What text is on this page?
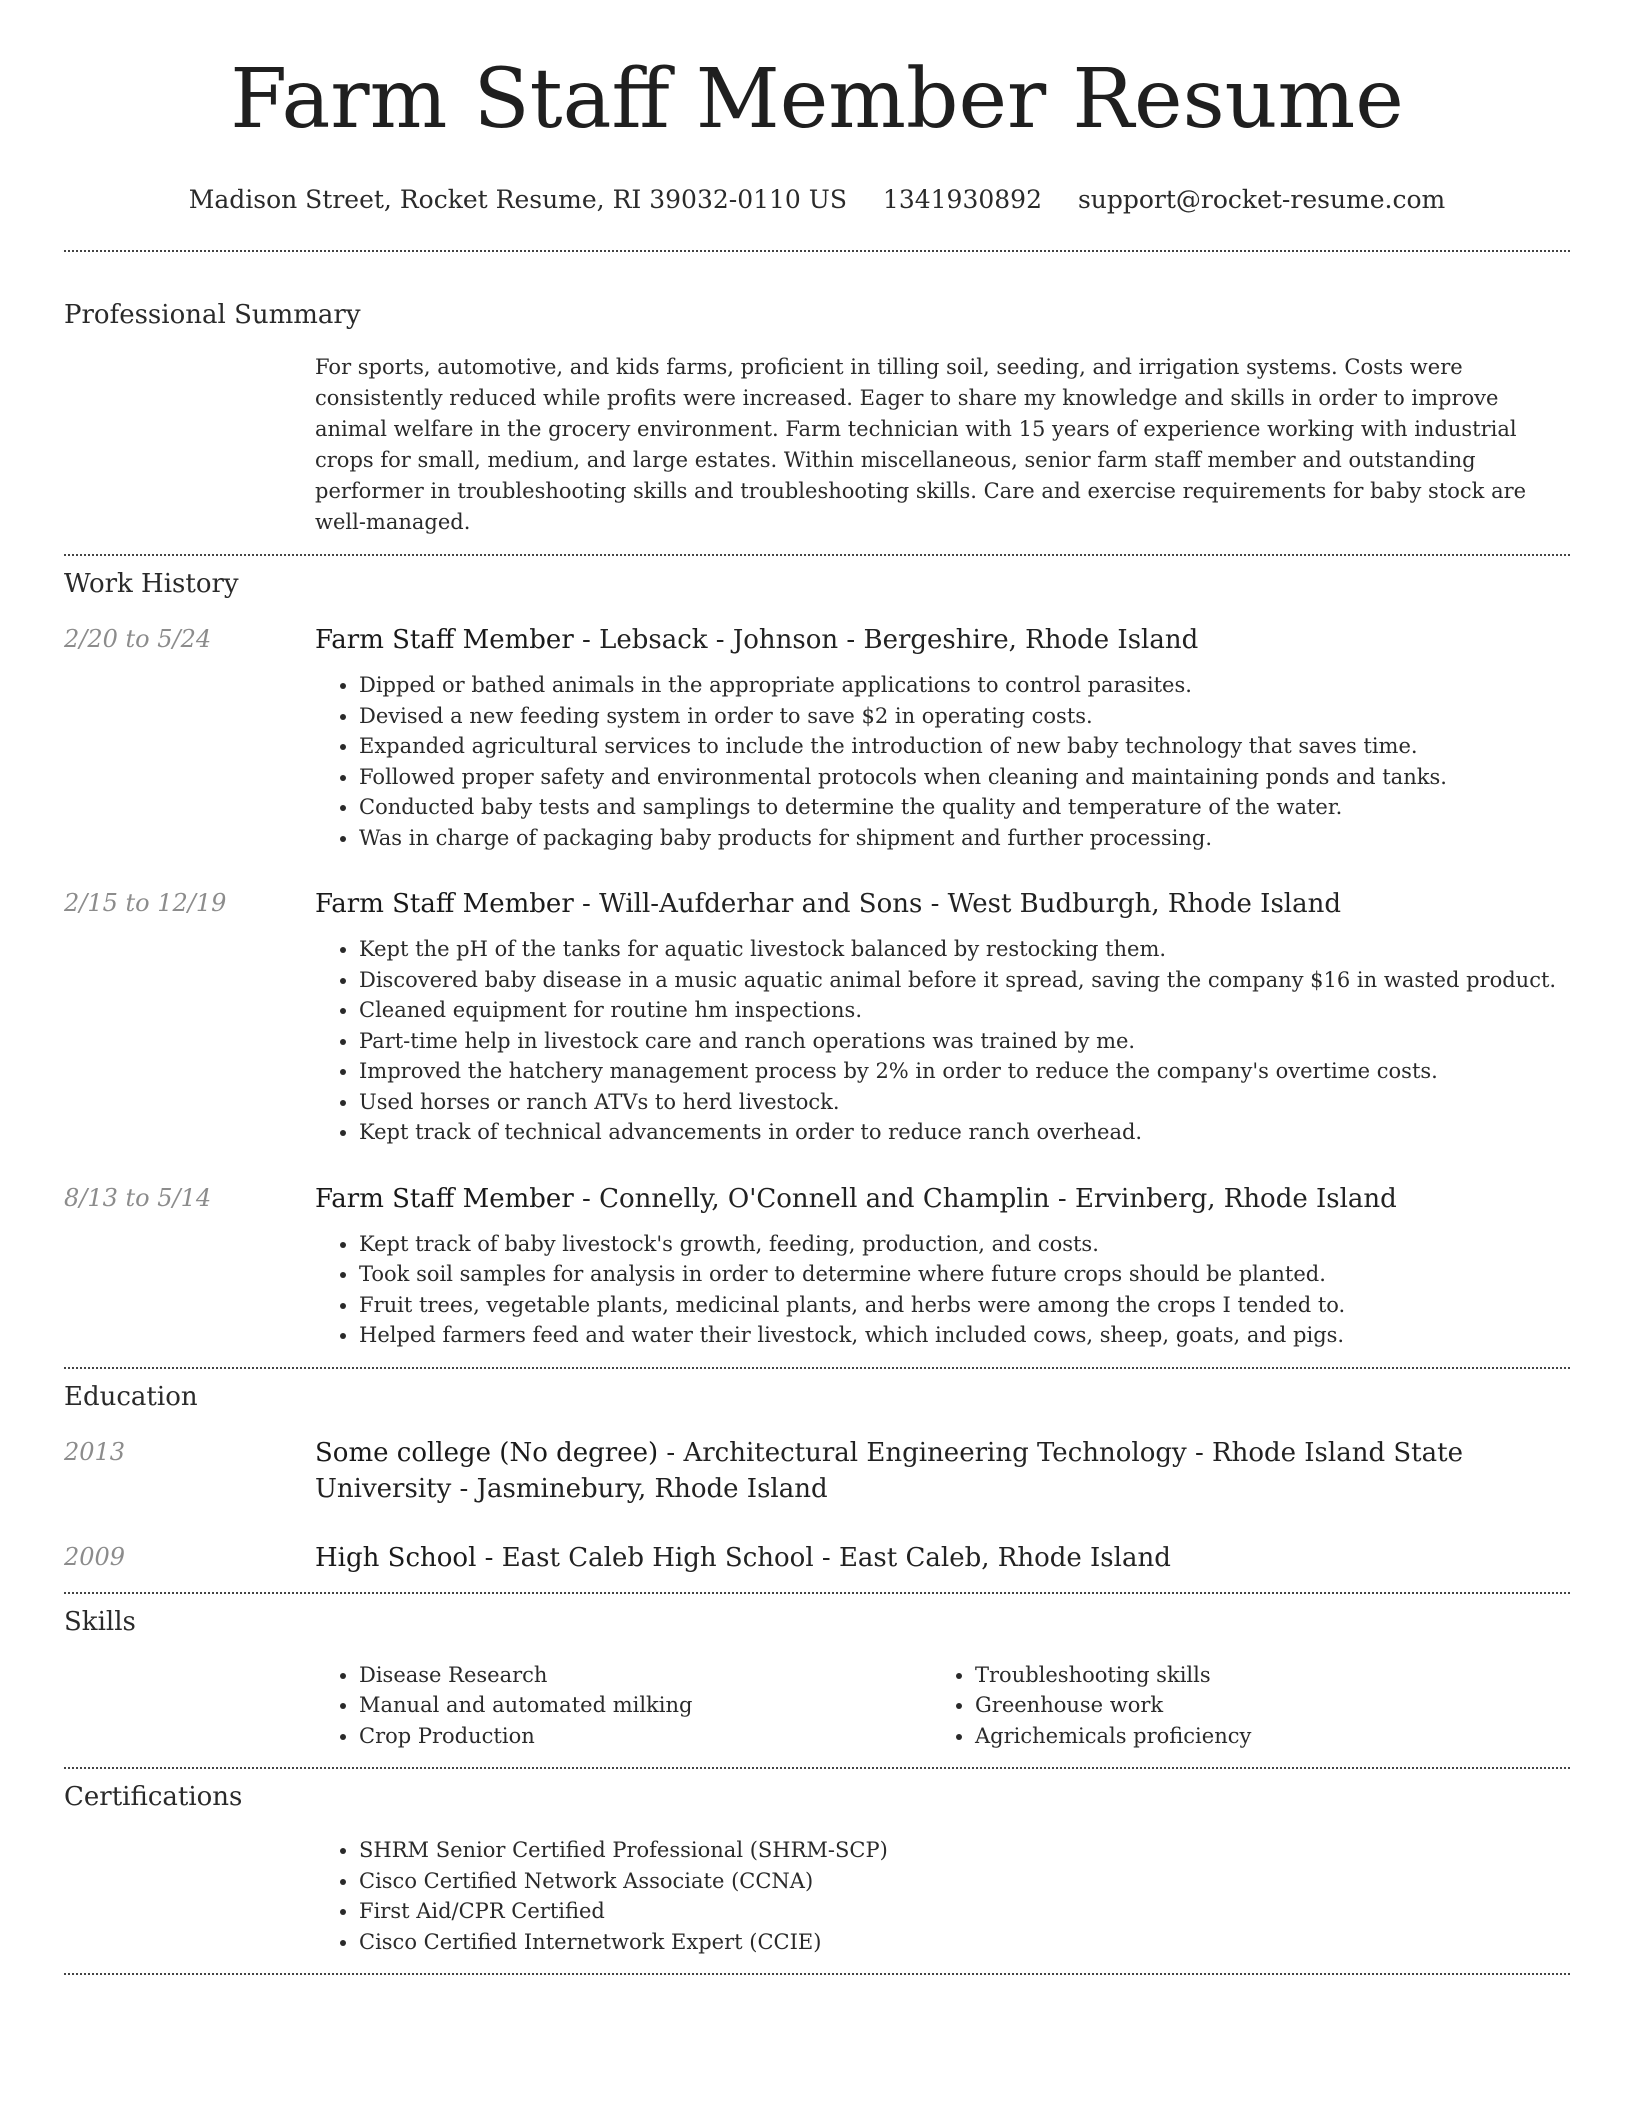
Farm Staff Member Resume
Madison Street, Rocket Resume, RI 39032-0110 US 1341930892 support@rocket-resume.com
Professional Summary

For sports, automotive, and kids farms, proficient in tilling soil, seeding, and irrigation systems. Costs were consistently reduced while profits were increased. Eager to share my knowledge and skills in order to improve animal welfare in the grocery environment. Farm technician with 15 years of experience working with industrial crops for small, medium, and large estates. Within miscellaneous, senior farm staff member and outstanding performer in troubleshooting skills and troubleshooting skills. Care and exercise requirements for baby stock are well-managed.

Work History
2/20 to 5/24	Farm Staff Member - Lebsack - Johnson - Bergeshire, Rhode Island

• Dipped or bathed animals in the appropriate applications to control parasites.
• Devised a new feeding system in order to save $2 in operating costs.
• Expanded agricultural services to include the introduction of new baby technology that saves time.
• Followed proper safety and environmental protocols when cleaning and maintaining ponds and tanks.
• Conducted baby tests and samplings to determine the quality and temperature of the water.
• Was in charge of packaging baby products for shipment and further processing.
2/15 to 12/19	Farm Staff Member - Will-Aufderhar and Sons - West Budburgh, Rhode Island

• Kept the pH of the tanks for aquatic livestock balanced by restocking them.
• Discovered baby disease in a music aquatic animal before it spread, saving the company $16 in wasted product.
• Cleaned equipment for routine hm inspections.
• Part-time help in livestock care and ranch operations was trained by me.
• Improved the hatchery management process by 2% in order to reduce the company's overtime costs.
• Used horses or ranch ATVs to herd livestock.
• Kept track of technical advancements in order to reduce ranch overhead.
8/13 to 5/14	Farm Staff Member - Connelly, O'Connell and Champlin - Ervinberg, Rhode Island

• Kept track of baby livestock's growth, feeding, production, and costs.
• Took soil samples for analysis in order to determine where future crops should be planted.
• Fruit trees, vegetable plants, medicinal plants, and herbs were among the crops I tended to.
• Helped farmers feed and water their livestock, which included cows, sheep, goats, and pigs.
Education
2013	Some college (No degree) - Architectural Engineering Technology - Rhode Island State University - Jasminebury, Rhode Island

2009	High School - East Caleb High School - East Caleb, Rhode Island

Skills
• Disease Research
• Manual and automated milking
• Crop Production
• Troubleshooting skills
• Greenhouse work
• Agrichemicals proficiency
Certifications
• SHRM Senior Certified Professional (SHRM-SCP)
• Cisco Certified Network Associate (CCNA)
• First Aid/CPR Certified
• Cisco Certified Internetwork Expert (CCIE)
